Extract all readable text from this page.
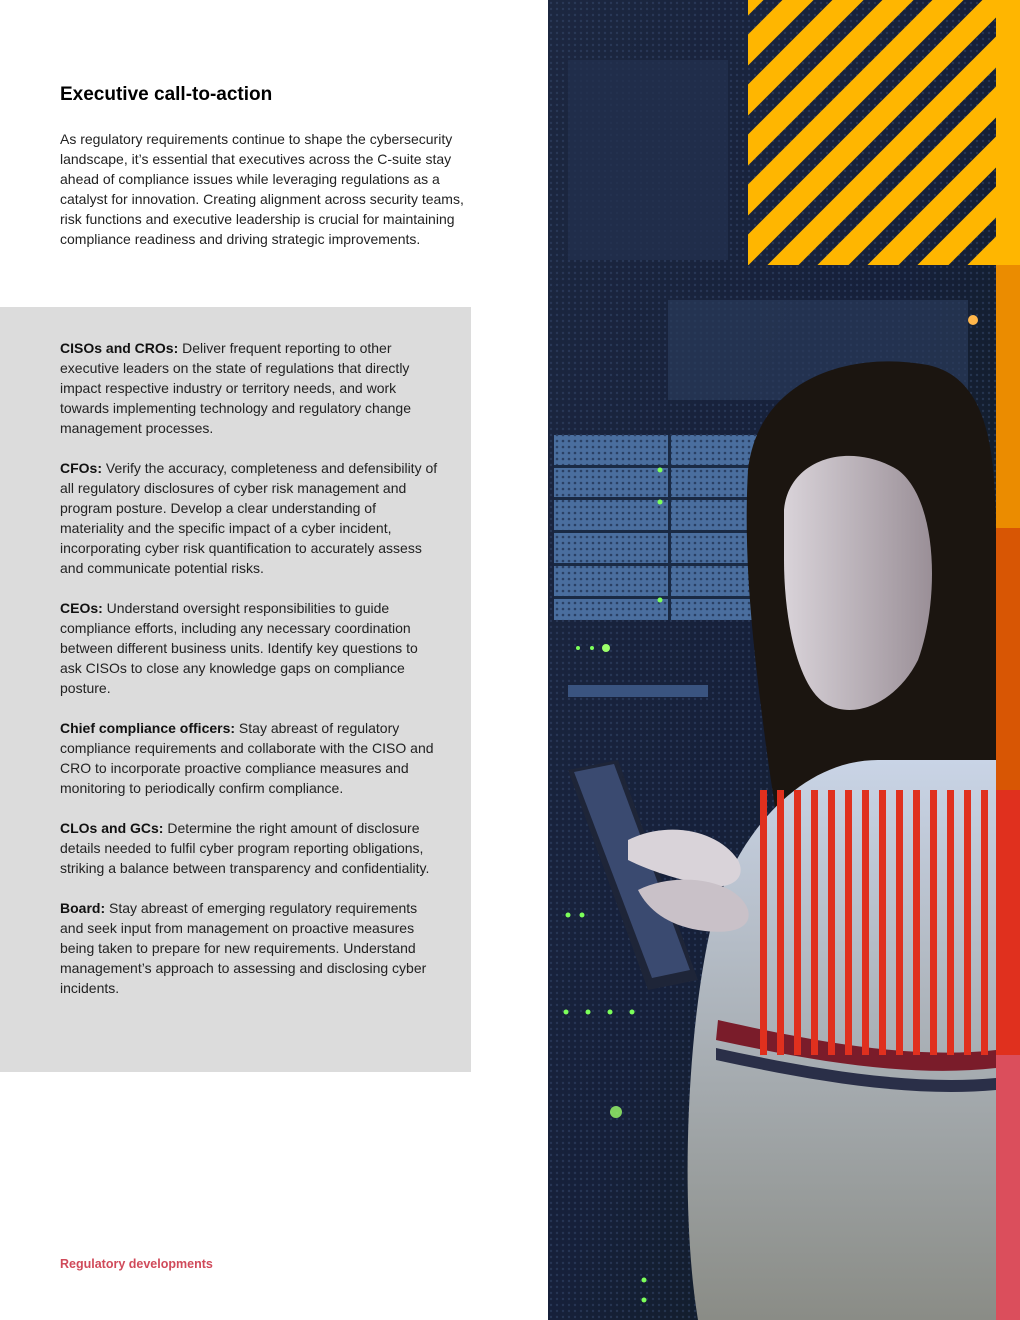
Executive call-to-action

As regulatory requirements continue to shape the cybersecurity landscape, it’s essential that executives across the C-suite stay ahead of compliance issues while leveraging regulations as a catalyst for innovation. Creating alignment across security teams, risk functions and executive leadership is crucial for maintaining compliance readiness and driving strategic improvements.

CISOs and CROs: Deliver frequent reporting to other executive leaders on the state of regulations that directly impact respective industry or territory needs, and work towards implementing technology and regulatory change management processes.

CFOs: Verify the accuracy, completeness and defensibility of all regulatory disclosures of cyber risk management and program posture. Develop a clear understanding of materiality and the specific impact of a cyber incident, incorporating cyber risk quantification to accurately assess and communicate potential risks.

CEOs: Understand oversight responsibilities to guide compliance efforts, including any necessary coordination between different business units. Identify key questions to ask CISOs to close any knowledge gaps on compliance posture.

Chief compliance officers: Stay abreast of regulatory compliance requirements and collaborate with the CISO and CRO to incorporate proactive compliance measures and monitoring to periodically confirm compliance.

CLOs and GCs: Determine the right amount of disclosure details needed to fulfil cyber program reporting obligations, striking a balance between transparency and confidentiality.

Board: Stay abreast of emerging regulatory requirements and seek input from management on proactive measures being taken to prepare for new requirements. Understand management’s approach to assessing and disclosing cyber incidents.

Regulatory developments
